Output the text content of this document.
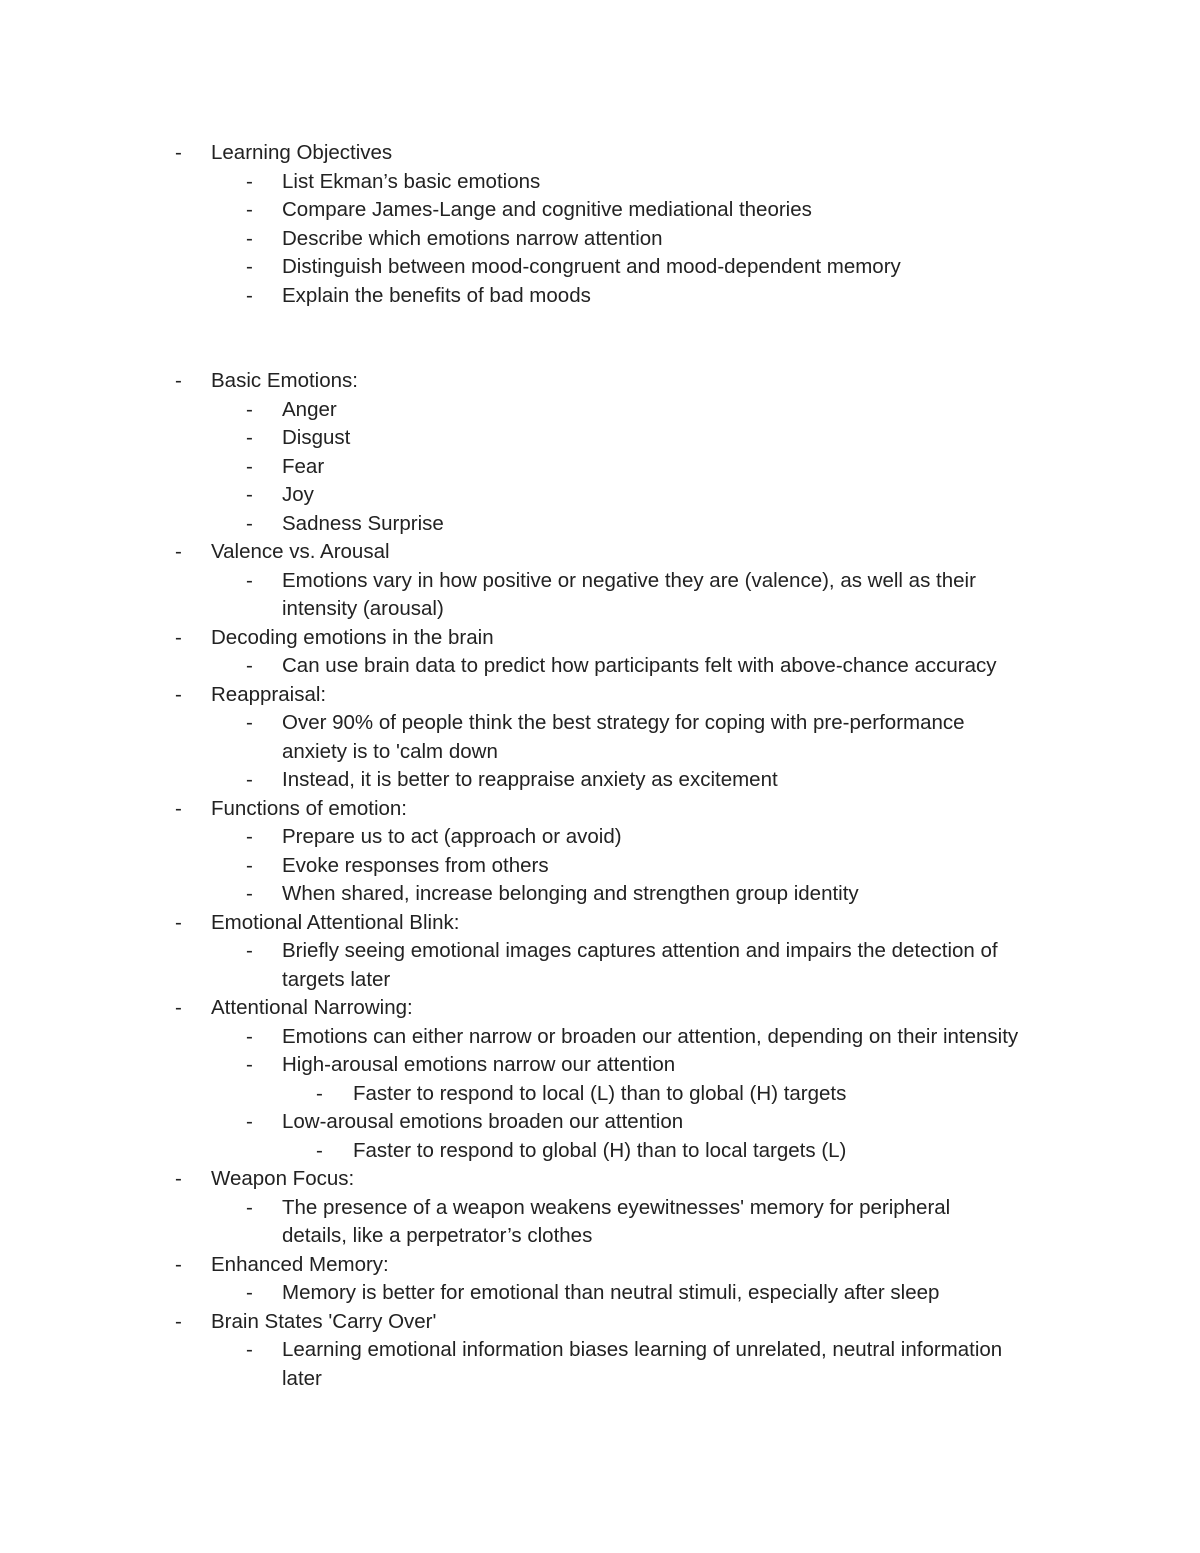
- Learning Objectives
- List Ekman’s basic emotions
- Compare James-Lange and cognitive mediational theories
- Describe which emotions narrow attention
- Distinguish between mood-congruent and mood-dependent memory
- Explain the benefits of bad moods
- Basic Emotions:
- Anger
- Disgust
- Fear
- Joy
- Sadness Surprise
- Valence vs. Arousal
- Emotions vary in how positive or negative they are (valence), as well as their
intensity (arousal)
- Decoding emotions in the brain
- Can use brain data to predict how participants felt with above-chance accuracy
- Reappraisal:
- Over 90% of people think the best strategy for coping with pre-performance
anxiety is to 'calm down
- Instead, it is better to reappraise anxiety as excitement
- Functions of emotion:
- Prepare us to act (approach or avoid)
- Evoke responses from others
- When shared, increase belonging and strengthen group identity
- Emotional Attentional Blink:
- Briefly seeing emotional images captures attention and impairs the detection of
targets later
- Attentional Narrowing:
- Emotions can either narrow or broaden our attention, depending on their intensity
- High-arousal emotions narrow our attention
- Faster to respond to local (L) than to global (H) targets
- Low-arousal emotions broaden our attention
- Faster to respond to global (H) than to local targets (L)
- Weapon Focus:
- The presence of a weapon weakens eyewitnesses' memory for peripheral
details, like a perpetrator’s clothes
- Enhanced Memory:
- Memory is better for emotional than neutral stimuli, especially after sleep
- Brain States 'Carry Over'
- Learning emotional information biases learning of unrelated, neutral information
later
